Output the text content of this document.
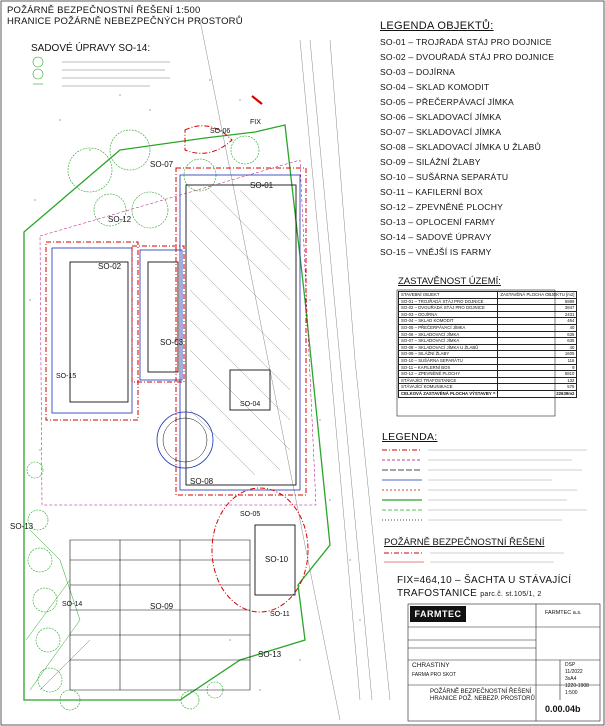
POŽÁRNĚ BEZPEČNOSTNÍ ŘEŠENÍ 1:500
HRANICE POŽÁRNĚ NEBEZPEČNÝCH PROSTORŮ
SADOVÉ ÚPRAVY SO-14:
LEGENDA OBJEKTŮ:
SO-01 – TROJŘADÁ STÁJ PRO DOJNICE
SO-02 – DVOUŘADÁ STÁJ PRO DOJNICE
SO-03 – DOJÍRNA
SO-04 – SKLAD KOMODIT
SO-05 – PŘEČERPÁVACÍ JÍMKA
SO-06 – SKLADOVACÍ JÍMKA
SO-07 – SKLADOVACÍ JÍMKA
SO-08 – SKLADOVACÍ JÍMKA U ŽLABŮ
SO-09 – SILÁŽNÍ ŽLABY
SO-10 – SUŠÁRNA SEPARÁTU
SO-11 – KAFILERNÍ BOX
SO-12 – ZPEVNĚNÉ PLOCHY
SO-13 – OPLOCENÍ FARMY
SO-14 – SADOVÉ ÚPRAVY
SO-15 – VNĚJŠÍ IS FARMY
ZASTAVĚNOST ÚZEMÍ:
STAVEBNÍ OBJEKT	ZASTAVĚNÁ PLOCHA OBJEKTU [m2]
SO-01 – TROJŘADÁ STÁJ PRO DOJNICE	5989
SO-02 – DVOUŘADÁ STÁJ PRO DOJNICE	3847
SO-03 – DOJÍRNA	2431
SO-04 – SKLAD KOMODIT	464
SO-05 – PŘEČERPÁVACÍ JÍMKA	40
SO-06 – SKLADOVACÍ JÍMKA	635
SO-07 – SKLADOVACÍ JÍMKA	635
SO-08 – SKLADOVACÍ JÍMKA U ŽLABŮ	40
SO-09 – SILÁŽNÍ ŽLABY	1605
SO-10 – SUŠÁRNA SEPARÁTU	116
SO-11 – KAFILERNÍ BOX	9
SO-12 – ZPEVNĚNÉ PLOCHY	5810
STÁVAJÍCÍ TRAFOSTANICE	132
STÁVAJÍCÍ KOMUNIKACE	575
CELKOVÁ ZASTAVĚNÁ PLOCHA VÝSTAVBY =	22639m2
LEGENDA:
POŽÁRNĚ BEZPEČNOSTNÍ ŘEŠENÍ
FIX=464,10 – ŠACHTA U STÁVAJÍCÍ
TRAFOSTANICE parc.č. st.105/1, 2
FARMTEC	FARMTEC a.s.
CHRASTINY
FARMA PRO SKOT
POŽÁRNĚ BEZPEČNOSTNÍ ŘEŠENÍ
HRANICE POŽ. NEBEZP. PROSTORŮ
DSP
11/2022
3xA4
1220-1908
1:500
0.00.04b
SO-02
SO-01
SO-03
SO-07
SO-12
SO-08
SO-09
SO-10
SO-04
SO-06
SO-05
FIX
SO-13
SO-13
SO-14
SO-15
SO-11
